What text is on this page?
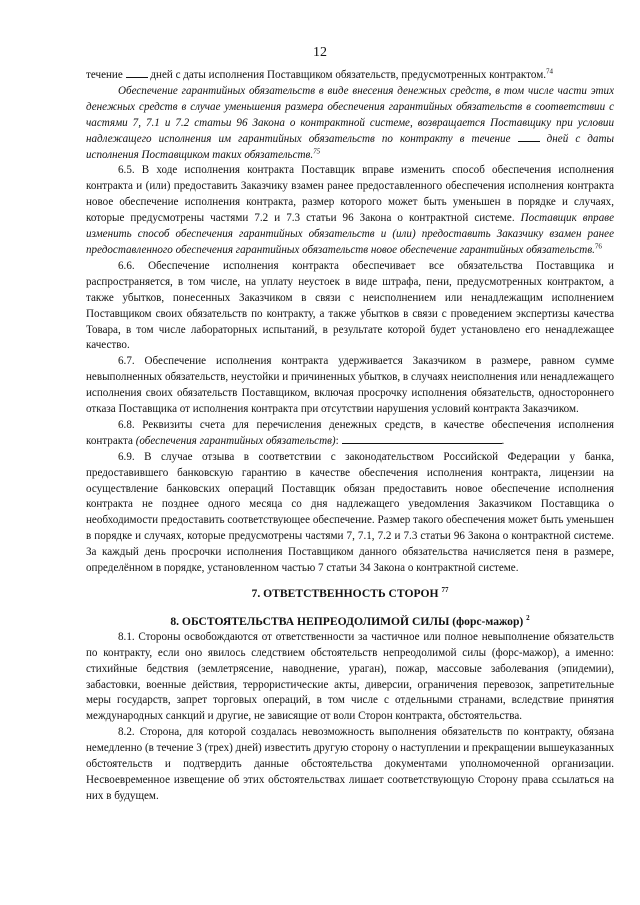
12

течение дней с даты исполнения Поставщиком обязательств, предусмотренных контрактом.$^{74}$

Обеспечение гарантийных обязательств в виде внесения денежных средств, в том числе части этих денежных средств в случае уменьшения размера обеспечения гарантийных обязательств в соответствии с частями 7, 7.1 и 7.2 статьи 96 Закона о контрактной системе, возвращается Поставщику при условии надлежащего исполнения им гарантийных обязательств по контракту в течение	дней с даты исполнения Поставщиком таких обязательств.$^{75}$

6.5. В ходе исполнения контракта Поставщик вправе изменить способ обеспечения исполнения контракта и (или) предоставить Заказчику взамен ранее предоставленного обеспечения исполнения контракта новое обеспечение исполнения контракта, размер которого может быть уменьшен в порядке и случаях, которые предусмотрены частями 7.2 и 7.3 статьи 96 Закона о контрактной системе. Поставщик вправе изменить способ обеспечения гарантийных обязательств и (или) предоставить Заказчику взамен ранее предоставленного обеспечения гарантийных обязательств новое обеспечение гарантийных обязательств.$^{76}$

6.6. Обеспечение исполнения контракта обеспечивает все обязательства Поставщика и распространяется, в том числе, на уплату неустоек в виде штрафа, пени, предусмотренных контрактом, а также убытков, понесенных Заказчиком в связи с неисполнением или ненадлежащим исполнением Поставщиком своих обязательств по контракту, а также убытков в связи с проведением экспертизы качества Товара, в том числе лабораторных испытаний, в результате которой будет установлено его ненадлежащее качество.

6.7. Обеспечение исполнения контракта удерживается Заказчиком в размере, равном сумме невыполненных обязательств, неустойки и причиненных убытков, в случаях неисполнения или ненадлежащего исполнения своих обязательств Поставщиком, включая просрочку исполнения обязательств, одностороннего отказа Поставщика от исполнения контракта при отсутствии нарушения условий контракта Заказчиком.

6.8. Реквизиты счета для перечисления денежных средств, в качестве обеспечения исполнения контракта (обеспечения гарантийных обязательств):	.

6.9. В случае отзыва в соответствии с законодательством Российской Федерации у банка, предоставившего банковскую гарантию в качестве обеспечения исполнения контракта, лицензии на осуществление банковских операций Поставщик обязан предоставить новое обеспечение исполнения контракта не позднее одного месяца со дня надлежащего уведомления Заказчиком Поставщика о необходимости предоставить соответствующее обеспечение. Размер такого обеспечения может быть уменьшен в порядке и случаях, которые предусмотрены частями 7, 7.1, 7.2 и 7.3 статьи 96 Закона о контрактной системе. За каждый день просрочки исполнения Поставщиком данного обязательства начисляется пеня в размере, определённом в порядке, установленном частью 7 статьи 34 Закона о контрактной системе.

7. ОТВЕТСТВЕННОСТЬ СТОРОН $^{77}$
8. ОБСТОЯТЕЛЬСТВА НЕПРЕОДОЛИМОЙ СИЛЫ (форс-мажор) $^2$

8.1. Стороны освобождаются от ответственности за частичное или полное невыполнение обязательств по контракту, если оно явилось следствием обстоятельств непреодолимой силы (форс-мажор), а именно: стихийные бедствия (землетрясение, наводнение, ураган), пожар, массовые заболевания (эпидемии), забастовки, военные действия, террористические акты, диверсии, ограничения перевозок, запретительные меры государств, запрет торговых операций, в том числе с отдельными странами, вследствие принятия международных санкций и другие, не зависящие от воли Сторон контракта, обстоятельства.

8.2. Сторона, для которой создалась невозможность выполнения обязательств по контракту, обязана немедленно (в течение 3 (трех) дней) известить другую сторону о наступлении и прекращении вышеуказанных обстоятельств и подтвердить данные обстоятельства документами уполномоченной организации. Несвоевременное извещение об этих обстоятельствах лишает соответствующую Сторону права ссылаться на них в будущем.
